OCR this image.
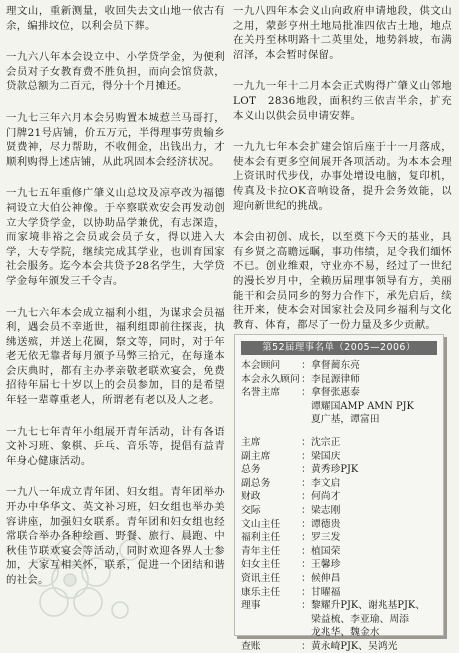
理文山，重新测量，收回失去文山地一依古有余，编排坟位，以利会员下葬。

一九六八年本会设立中、小学贷学金，为便利会员对子女教育费不胜负担，而向会馆贷款，贷款总额为二百元，得分十个月摊还。

一九七三年六月本会另购置本城惹兰马哥打，门牌21号店铺，价五万元，半得理事劳贵输乡贤费神，尽力帮助，不收佣金，出钱出力，才顺利购得上述店铺，从此巩固本会经济状况。

一九七五年重修广肇义山总坟及凉亭改为福德祠设立大伯公神像。于卒察联欢安会再发动创立大学贷学金，以协助品学兼优，有志深造，而家境非裕之会员或会员子女，得以进入大学，大专学院，继续完成其学业，也训育国家社会服务。迄今本会共贷予28名学生，大学贷学金每年颁发三千令吉。

一九七六年本会成立福利小组，为谋求会员福利，遇会员不幸逝世，福利组即前往探丧，执绋送殡，并送上花圈，祭文等，同时，对于年老无依无靠者每月颁予马弊三拾元，在每逢本会庆典时，都有主办孝亲敬老联欢宴会，免费招待年届七十岁以上的会员参加，目的是希望年轻一辈尊重老人，所谓老有老以及人之老。

一九七七年青年小组展开青年活动，计有各语文补习班、象棋、乒乓、音乐等，提倡有益青年身心健康活动。

一九八一年成立青年团、妇女组。青年团举办开办中华华文、英文补习班，妇女组也举办美容讲座，加强妇女联系。青年团和妇女组也经常联合举办各种绘画、野餐、旅行、晨跑、中秋佳节联欢宴会等活动，同时欢迎各界人士参加，大家互相关怀，联系，促进一个团结和谐的社会。

一九八四年本会义山向政府申请地段，供文山之用，蒙彭亨州土地局批准四依古土地，地点在关丹至林明路十二英里处，地势斜坡，布满沼泽，本会暂时保留。

一九九一年十二月本会正式购得广肇义山邻地LOT　2836地段，面积约三依吉半余，扩充本义山以供会员申请安葬。

一九九七年本会扩建会馆后座于十一月落成，使本会有更多空间展开各项活动。为本本会理上资讯时代步伐，办事处增设电脑，复印机，传真及卡拉OK音响设备，提升会务效能，以迎向新世纪的挑战。

本会由初创、成长，以至奠下今天的基业，具有乡贤之高瞻远瞩，事功伟绩，足令我们缅怀不已。创业维艰，守业亦不易，经过了一世纪的漫长岁月中，全赖历届理事领导有方，美丽能干和会员同乡的努力合作下，承先启后，续往开来，使本会对国家社会及同乡福利与文化教育、体育，都尽了一份力量及多少贡献。

第52届理事名单（2005—2006）
本会顾问	： 拿督蔺东亮
本会永久顾问 ： 李昆源律师
名誉主席	： 拿督张惠泰
谭耀国AMP AMN PJK
夏广基，谭富田
主席	： 沈宗正
副主席	： 梁国庆
总务	： 黄秀珍PJK
副总务	： 李文启
财政	： 何尚才
交际	： 梁志刚
文山主任	： 谭德贵
福利主任	： 罗三发
青年主任	： 植国荣
妇女主任	： 王馨珍
资讯主任	： 候伸昌
康乐主任	： 甘曜福
理事	： 黎耀升PJK、谢兆基PJK、
梁益梳、李亚瑜、周添
龙兆华、魏金水
查账	： 黄永崎PJK、吴鸿光
